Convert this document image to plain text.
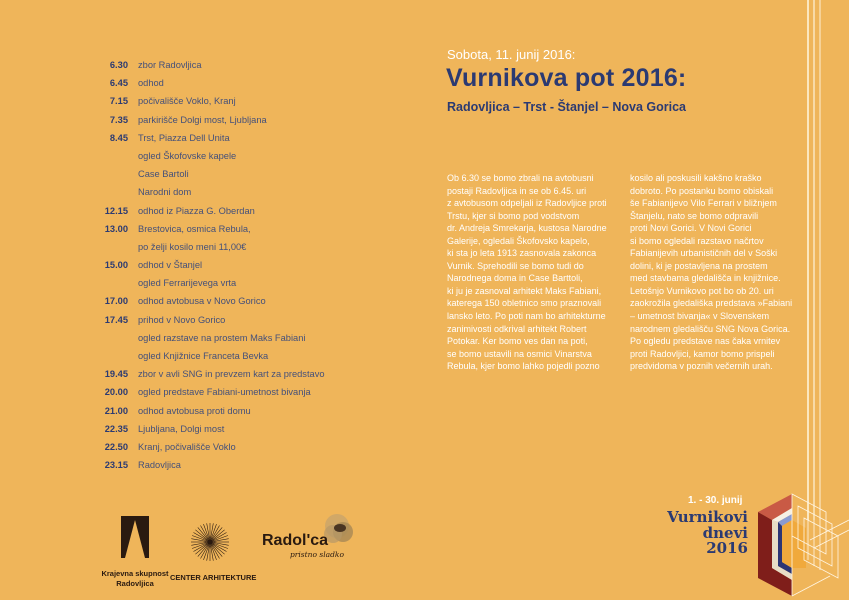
6.30 zbor Radovljica
6.45 odhod
7.15 počivališče Voklo, Kranj
7.35 parkirišče Dolgi most, Ljubljana
8.45 Trst, Piazza Dell Unita
ogled Škofovske kapele
Case Bartoli
Narodni dom
12.15 odhod iz Piazza G. Oberdan
13.00 Brestovica, osmica Rebula,
po želji kosilo meni 11,00€
15.00 odhod v Štanjel
ogled Ferrarijevega vrta
17.00 odhod avtobusa v Novo Gorico
17.45 prihod v Novo Gorico
ogled razstave na prostem Maks Fabiani
ogled Knjižnice Franceta Bevka
19.45 zbor v avli SNG in prevzem kart za predstavo
20.00 ogled predstave Fabiani-umetnost bivanja
21.00 odhod avtobusa proti domu
22.35 Ljubljana, Dolgi most
22.50 Kranj, počivališče Voklo
23.15 Radovljica
Sobota, 11. junij 2016:
Vurnikova pot 2016:
Radovljica – Trst - Štanjel – Nova Gorica
Ob 6.30 se bomo zbrali na avtobusni
postaji Radovljica in se ob 6.45. uri
z avtobusom odpeljali iz Radovljice proti
Trstu, kjer si bomo pod vodstvom
dr. Andreja Smrekarja, kustosa Narodne
Galerije, ogledali Škofovsko kapelo,
ki sta jo leta 1913 zasnovala zakonca
Vurnik. Sprehodili se bomo tudi do
Narodnega doma in Case Barttoli,
ki ju je zasnoval arhitekt Maks Fabiani,
katerega 150 obletnico smo praznovali
lansko leto. Po poti nam bo arhitekturne
zanimivosti odkrival arhitekt Robert
Potokar. Ker bomo ves dan na poti,
se bomo ustavili na osmici Vinarstva
Rebula, kjer bomo lahko pojedli pozno
kosilo ali poskusili kakšno kraško
dobroto. Po postanku bomo obiskali
še Fabianijevo Vilo Ferrari v bližnjem
Štanjelu, nato se bomo odpravili
proti Novi Gorici. V Novi Gorici
si bomo ogledali razstavo načrtov
Fabianijevih urbanističnih del v Soški
dolini, ki je postavljena na prostem
med stavbama gledališča in knjižnice.
Letošnjo Vurnikovo pot bo ob 20. uri
zaokrožila gledališka predstava »Fabiani
– umetnost bivanja« v Slovenskem
narodnem gledališču SNG Nova Gorica.
Po ogledu predstave nas čaka vrnitev
proti Radovljici, kamor bomo prispeli
predvidoma v poznih večernih urah.
Krajevna skupnost
Radovljica
CENTER ARHITEKTURE
Radol'ca
pristno sladko
1. - 30. junij
Vurnikovi
dnevi
2016
